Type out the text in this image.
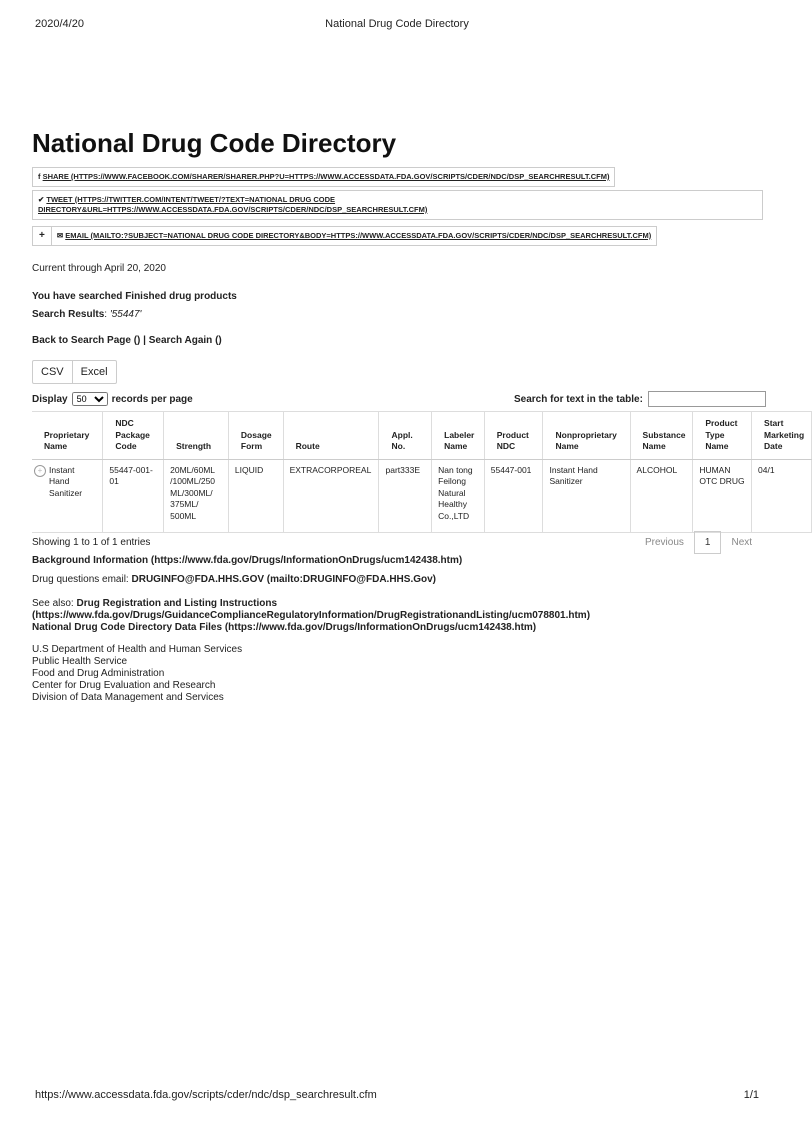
2020/4/20	National Drug Code Directory
National Drug Code Directory
f SHARE (HTTPS://WWW.FACEBOOK.COM/SHARER/SHARER.PHP?U=HTTPS://WWW.ACCESSDATA.FDA.GOV/SCRIPTS/CDER/NDC/DSP_SEARCHRESULT.CFM)
✔ TWEET (HTTPS://TWITTER.COM/INTENT/TWEET/?TEXT=NATIONAL DRUG CODE
DIRECTORY&URL=HTTPS://WWW.ACCESSDATA.FDA.GOV/SCRIPTS/CDER/NDC/DSP_SEARCHRESULT.CFM)
+	✉ EMAIL (MAILTO:?SUBJECT=NATIONAL DRUG CODE DIRECTORY&BODY=HTTPS://WWW.ACCESSDATA.FDA.GOV/SCRIPTS/CDER/NDC/DSP_SEARCHRESULT.CFM)
Current through April 20, 2020
You have searched Finished drug products
Search Results: '55447'
Back to Search Page () | Search Again ()
CSV	Excel
Display
50	records per page	Search for text in the table:
Proprietary Name	NDC Package Code	Strength	Dosage Form	Route	Appl. No.	Labeler Name	Product NDC	Nonproprietary Name	Substance Name	Product Type Name	Start Marketing Date
+ Instant Hand Sanitizer	55447-001-01	20ML/60ML /100ML/250 ML/300ML/ 375ML/ 500ML	LIQUID	EXTRACORPOREAL	part333E	Nan tong Feilong Natural Healthy Co.,LTD	55447-001	Instant Hand Sanitizer	ALCOHOL	HUMAN OTC DRUG	04/1
Showing 1 to 1 of 1 entries	Previous	1	Next
Background Information (https://www.fda.gov/Drugs/InformationOnDrugs/ucm142438.htm)
Drug questions email: DRUGINFO@FDA.HHS.GOV (mailto:DRUGINFO@FDA.HHS.Gov)
See also: Drug Registration and Listing Instructions
(https://www.fda.gov/Drugs/GuidanceComplianceRegulatoryInformation/DrugRegistrationandListing/ucm078801.htm)
National Drug Code Directory Data Files (https://www.fda.gov/Drugs/InformationOnDrugs/ucm142438.htm)
U.S Department of Health and Human Services
Public Health Service
Food and Drug Administration
Center for Drug Evaluation and Research
Division of Data Management and Services
https://www.accessdata.fda.gov/scripts/cder/ndc/dsp_searchresult.cfm	1/1
